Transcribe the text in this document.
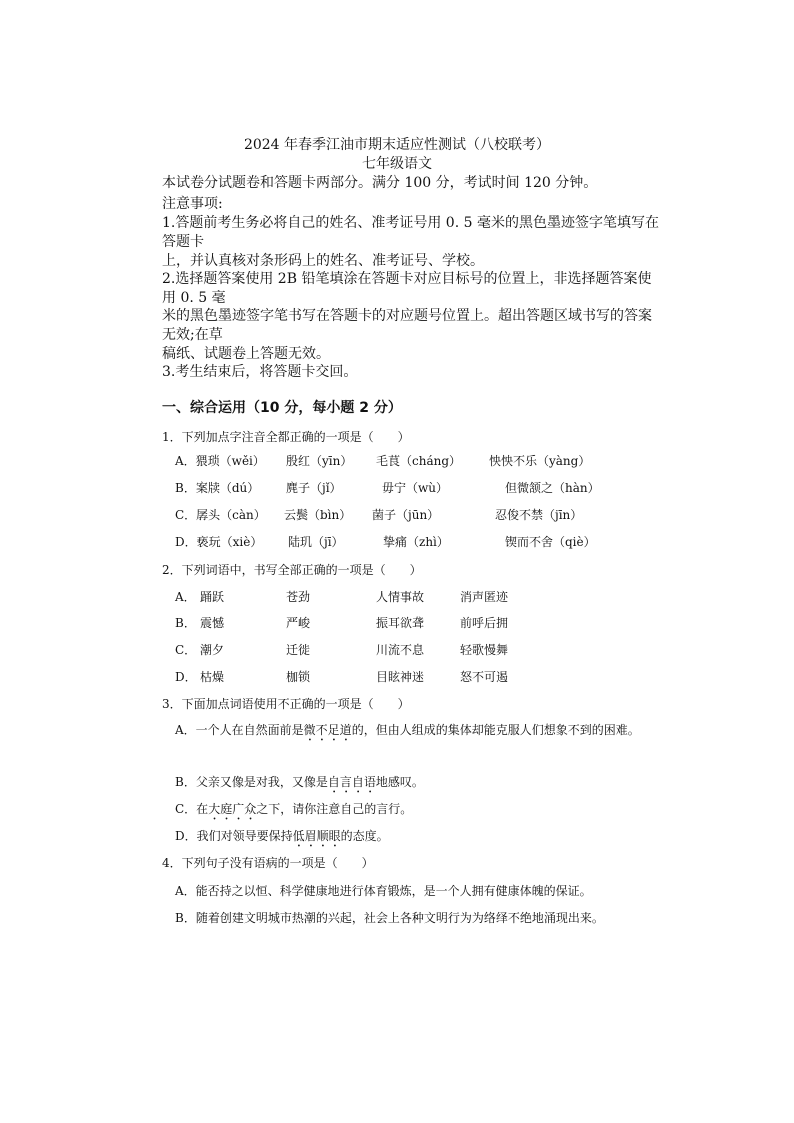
2024 年春季江油市期末适应性测试（八校联考）
七年级语文
本试卷分试题卷和答题卡两部分。满分 100 分，考试时间 120 分钟。
注意事项:
1.答题前考生务必将自己的姓名、准考证号用 0. 5 毫米的黑色墨迹签字笔填写在
答题卡
上，并认真核对条形码上的姓名、准考证号、学校。
2.选择题答案使用 2B 铅笔填涂在答题卡对应目标号的位置上，非选择题答案使
用 0. 5 毫
米的黑色墨迹签字笔书写在答题卡的对应题号位置上。超出答题区域书写的答案
无效;在草
稿纸、试题卷上答题无效。
3.考生结束后，将答题卡交回。
一、综合运用（10 分，每小题 2 分）
1．下列加点字注音全都正确的一项是（　　）
A．猥琐（wěi） 殷红（yīn） 毛茛（cháng） 怏怏不乐（yàng）
B．案牍（dú） 麂子（jǐ）	毋宁（wù）	但微颔之（hàn）
C．孱头（càn） 云鬓（bìn） 菌子（jūn）	忍俊不禁（jīn）
D．亵玩（xiè） 陆玑（jī）	挚痛（zhì）	锲而不舍（qiè）
2．下列词语中，书写全部正确的一项是（　　）
A． 踊跃	苍劲	人情事故	消声匿迹
B． 震憾	严峻	振耳欲聋	前呼后拥
C． 潮夕	迁徙	川流不息	轻歌慢舞
D． 枯燥	枷锁	目眩神迷	怒不可遏
3．下面加点词语使用不正确的一项是（　　）
A．一个人在自然面前是微不足道的，但由人组成的集体却能克服人们想象不到的困难。
B．父亲又像是对我，又像是自言自语地感叹。
C．在大庭广众之下，请你注意自己的言行。
D．我们对领导要保持低眉顺眼的态度。
4．下列句子没有语病的一项是（　　）
A．能否持之以恒、科学健康地进行体育锻炼，是一个人拥有健康体魄的保证。
B．随着创建文明城市热潮的兴起，社会上各种文明行为为络绎不绝地涌现出来。
